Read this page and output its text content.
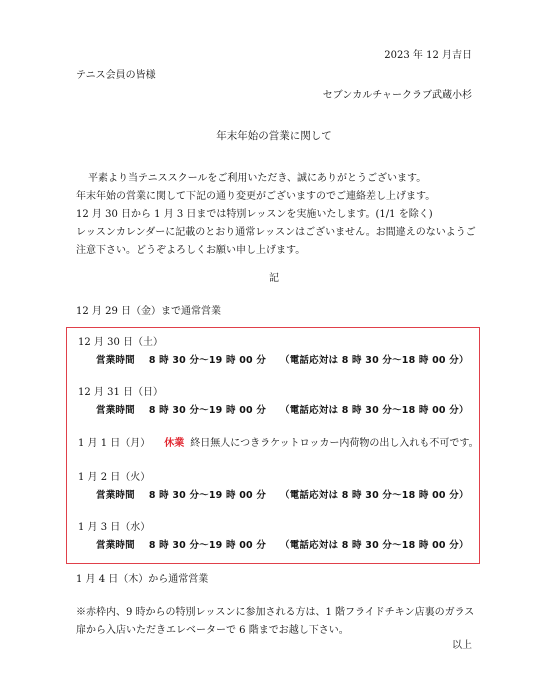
2023 年 12 月吉日
テニス会員の皆様
セブンカルチャークラブ武蔵小杉
年末年始の営業に関して
平素より当テニススクールをご利用いただき、誠にありがとうございます。
年末年始の営業に関して下記の通り変更がございますのでご連絡差し上げます。
12 月 30 日から 1 月 3 日までは特別レッスンを実施いたします。(1/1 を除く)
レッスンカレンダーに記載のとおり通常レッスンはございません。お間違えのないようご
注意下さい。どうぞよろしくお願い申し上げます。
記
12 月 29 日（金）まで通常営業
12 月 30 日（土）
営業時間 8 時 30 分～19 時 00 分 （電話応対は 8 時 30 分～18 時 00 分）
12 月 31 日（日）
営業時間 8 時 30 分～19 時 00 分 （電話応対は 8 時 30 分～18 時 00 分）
1 月 1 日（月） 休業 終日無人につきラケットロッカー内荷物の出し入れも不可です。
1 月 2 日（火）
営業時間 8 時 30 分～19 時 00 分 （電話応対は 8 時 30 分～18 時 00 分）
1 月 3 日（水）
営業時間 8 時 30 分～19 時 00 分 （電話応対は 8 時 30 分～18 時 00 分）
1 月 4 日（木）から通常営業
※赤枠内、9 時からの特別レッスンに参加される方は、1 階フライドチキン店裏のガラス
扉から入店いただきエレベーターで 6 階までお越し下さい。
以上
